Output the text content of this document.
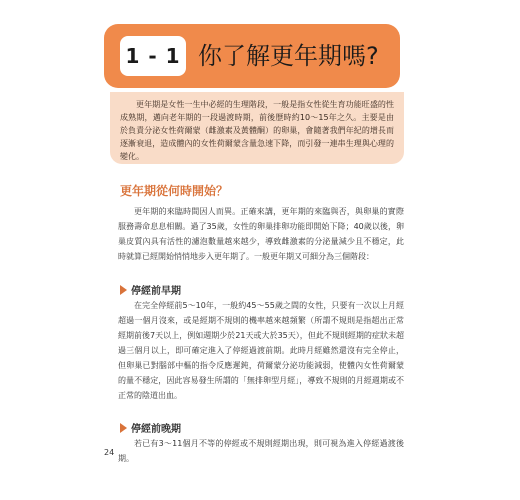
1 - 1 你了解更年期嗎?

更年期是女性一生中必經的生理階段，一般是指女性從生育功能旺盛的性成熟期，邁向老年期的一段過渡時期，前後歷時約10～15年之久。主要是由於負責分泌女性荷爾蒙（雌激素及黃體酮）的卵巢，會隨著我們年紀的增長而逐漸衰退，造成體內的女性荷爾蒙含量急速下降，而引發一連串生理與心理的變化。

更年期從何時開始？

更年期的來臨時間因人而異。正確來講，更年期的來臨與否，與卵巢的實際服務壽命息息相關。過了35歲，女性的卵巢排卵功能即開始下降；40歲以後，卵巢皮質內具有活性的濾泡數量越來越少，導致雌激素的分泌量減少且不穩定，此時就算已經開始悄悄地步入更年期了。一般更年期又可細分為三個階段：

停經前早期

在完全停經前5～10年，一般約45～55歲之間的女性，只要有一次以上月經超過一個月沒來，或是經期不規則的機率越來越頻繁（所謂不規則是指超出正常經期前後7天以上，例如週期少於21天或大於35天），但此不規則經期的症狀未超過三個月以上，即可確定進入了停經過渡前期。此時月經雖然還沒有完全停止，但卵巢已對腦部中樞的指令反應遲鈍，荷爾蒙分泌功能減弱，使體內女性荷爾蒙的量不穩定，因此容易發生所謂的「無排卵型月經」，導致不規則的月經週期或不正常的陰道出血。

停經前晚期

若已有3～11個月不等的停經或不規則經期出現，則可視為進入停經過渡後期。

24
